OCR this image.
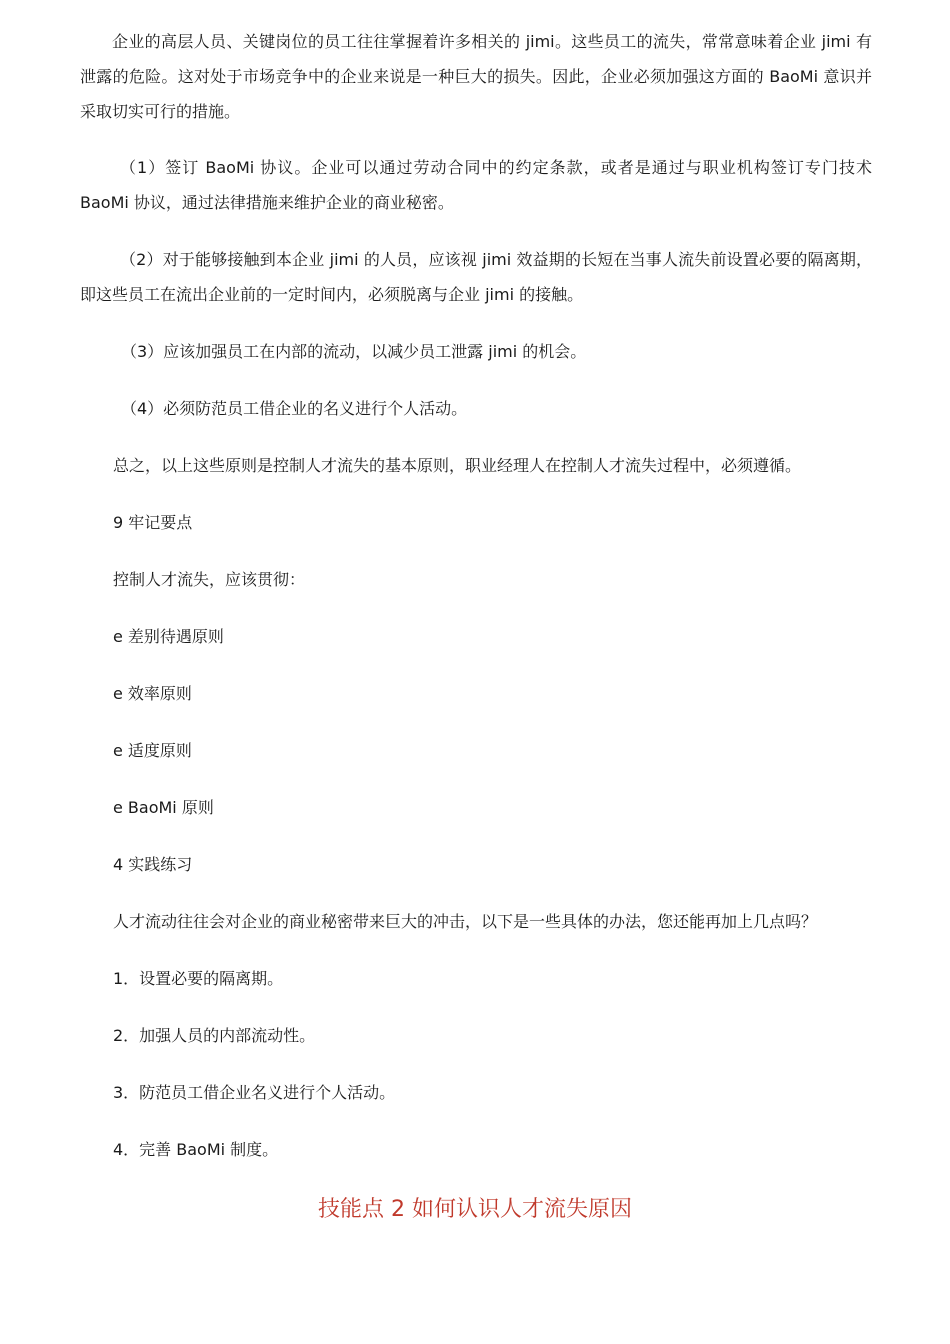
企业的高层人员、关键岗位的员工往往掌握着许多相关的 jimi。这些员工的流失，常常意味着企业 jimi 有泄露的危险。这对处于市场竞争中的企业来说是一种巨大的损失。因此，企业必须加强这方面的 BaoMi 意识并采取切实可行的措施。

（1）签订 BaoMi 协议。企业可以通过劳动合同中的约定条款，或者是通过与职业机构签订专门技术 BaoMi 协议，通过法律措施来维护企业的商业秘密。

（2）对于能够接触到本企业 jimi 的人员，应该视 jimi 效益期的长短在当事人流失前设置必要的隔离期，即这些员工在流出企业前的一定时间内，必须脱离与企业 jimi 的接触。

（3）应该加强员工在内部的流动，以减少员工泄露 jimi 的机会。

（4）必须防范员工借企业的名义进行个人活动。

总之，以上这些原则是控制人才流失的基本原则，职业经理人在控制人才流失过程中，必须遵循。

9 牢记要点

控制人才流失，应该贯彻：

e 差别待遇原则

e 效率原则

e 适度原则

e BaoMi 原则

4 实践练习

人才流动往往会对企业的商业秘密带来巨大的冲击，以下是一些具体的办法，您还能再加上几点吗？

1．设置必要的隔离期。

2．加强人员的内部流动性。

3．防范员工借企业名义进行个人活动。

4．完善 BaoMi 制度。

技能点 2 如何认识人才流失原因
